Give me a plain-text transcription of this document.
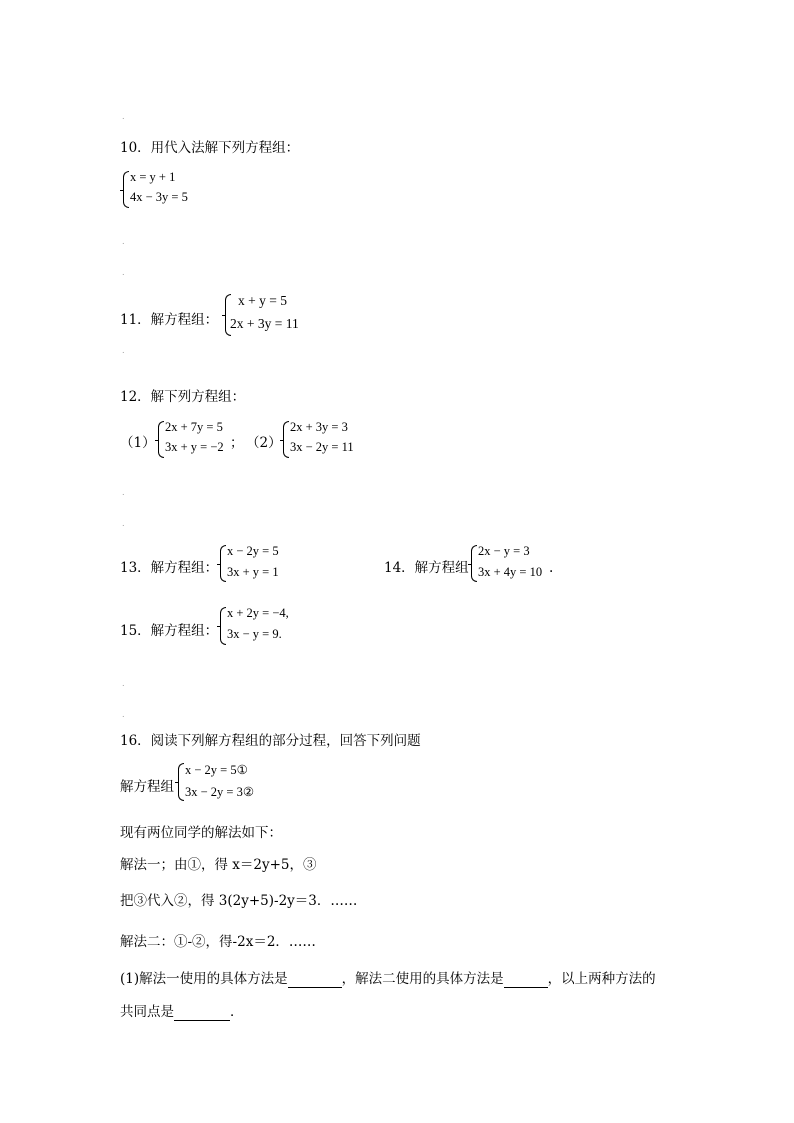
.
.
.
.
.
.
.
.
10．用代入法解下列方程组：
x = y + 1
4x − 3y = 5
11．解方程组：
x + y = 5
2x + 3y = 11
12．解下列方程组：
（1）
2x + 7y = 5
3x + y = −2 ； （2）
2x + 3y = 3
3x − 2y = 11
13．解方程组：
x − 2y = 5
3x + y = 1	14．解方程组
2x − y = 3
3x + 4y = 10 .
15．解方程组：
x + 2y = −4,
3x − y = 9.
16．阅读下列解方程组的部分过程，回答下列问题
解方程组
x − 2y = 5①
3x − 2y = 3②
现有两位同学的解法如下：
解法一；由①，得 x＝2y+5，③
把③代入②，得 3(2y+5)-2y＝3．……
解法二：①-②，得-2x＝2．……
(1)解法一使用的具体方法是	，解法二使用的具体方法是	，以上两种方法的
共同点是	．
